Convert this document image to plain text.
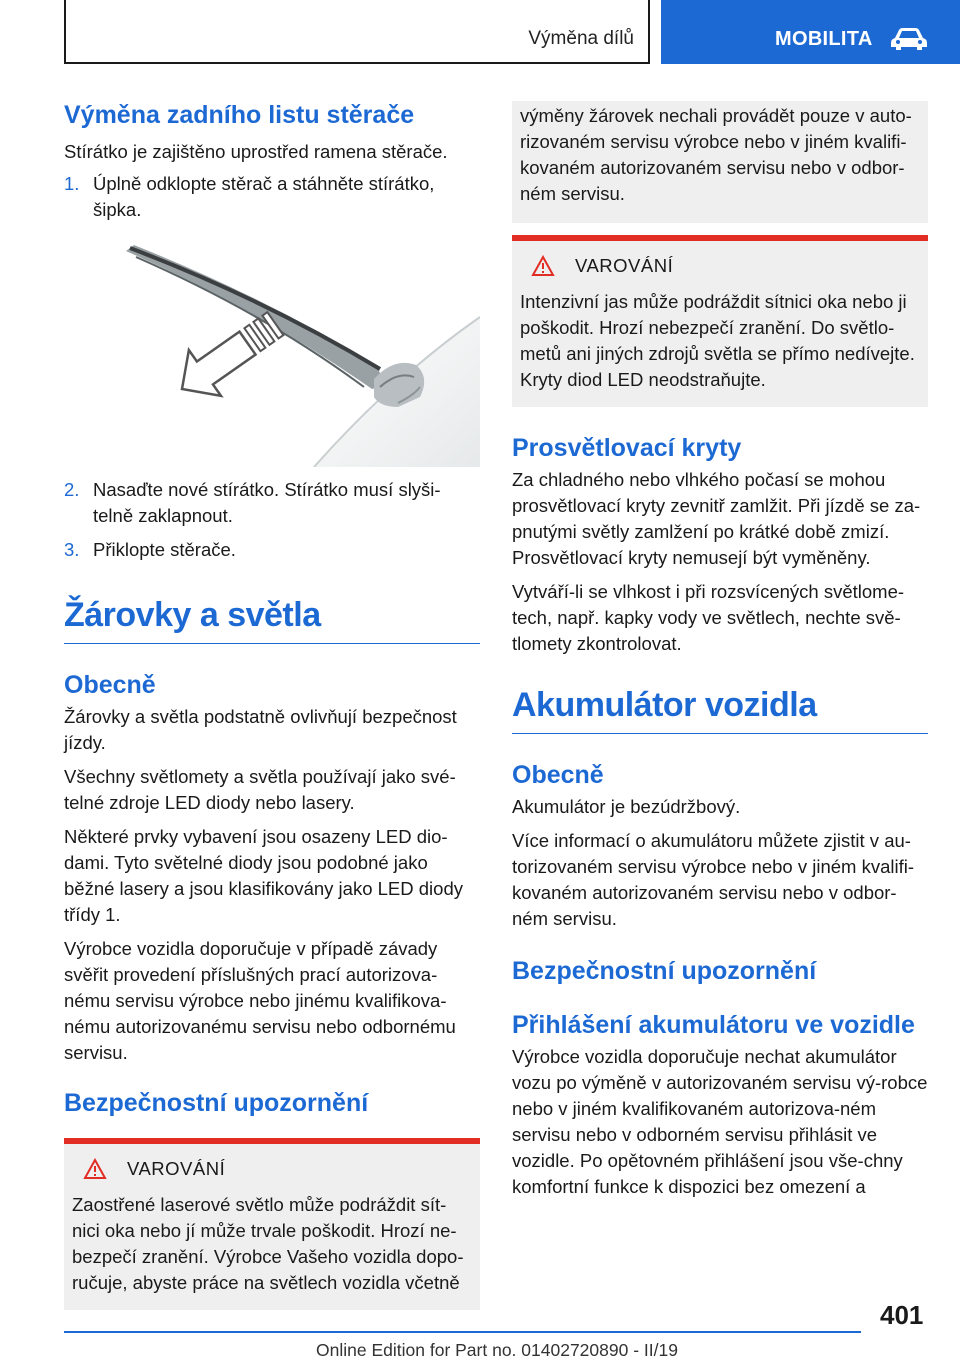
Výměna dílů	MOBILITA
Výměna zadního listu stěrače
Stírátko je zajištěno uprostřed ramena stěrače.
1. Úplně odklopte stěrač a stáhněte stírátko, šipka.
2. Nasaďte nové stírátko. Stírátko musí slyši-telně zaklapnout.
3. Přiklopte stěrače.
Žárovky a světla
Obecně
Žárovky a světla podstatně ovlivňují bezpečnost jízdy.
Všechny světlomety a světla používají jako své-telné zdroje LED diody nebo lasery.
Některé prvky vybavení jsou osazeny LED dio-dami. Tyto světelné diody jsou podobné jako běžné lasery a jsou klasifikovány jako LED diody třídy 1.
Výrobce vozidla doporučuje v případě závady svěřit provedení příslušných prací autorizova-nému servisu výrobce nebo jinému kvalifikova-nému autorizovanému servisu nebo odbornému servisu.
Bezpečnostní upozornění
VAROVÁNÍ
Zaostřené laserové světlo může podráždit sít-nici oka nebo jí může trvale poškodit. Hrozí ne-bezpečí zranění. Výrobce Vašeho vozidla dopo-ručuje, abyste práce na světlech vozidla včetně
výměny žárovek nechali provádět pouze v auto-rizovaném servisu výrobce nebo v jiném kvalifi-kovaném autorizovaném servisu nebo v odbor-ném servisu.
VAROVÁNÍ
Intenzivní jas může podráždit sítnici oka nebo ji poškodit. Hrozí nebezpečí zranění. Do světlo-metů ani jiných zdrojů světla se přímo nedívejte. Kryty diod LED neodstraňujte.
Prosvětlovací kryty
Za chladného nebo vlhkého počasí se mohou prosvětlovací kryty zevnitř zamlžit. Při jízdě se za-pnutými světly zamlžení po krátké době zmizí. Prosvětlovací kryty nemusejí být vyměněny.
Vytváří-li se vlhkost i při rozsvícených světlome-tech, např. kapky vody ve světlech, nechte svě-tlomety zkontrolovat.
Akumulátor vozidla
Obecně
Akumulátor je bezúdržbový.
Více informací o akumulátoru můžete zjistit v au-torizovaném servisu výrobce nebo v jiném kvalifi-kovaném autorizovaném servisu nebo v odbor-ném servisu.
Bezpečnostní upozornění
Přihlášení akumulátoru ve vozidle
Výrobce vozidla doporučuje nechat akumulátor vozu po výměně v autorizovaném servisu vý-robce nebo v jiném kvalifikovaném autorizova-ném servisu nebo v odborném servisu přihlásit ve vozidle. Po opětovném přihlášení jsou vše-chny komfortní funkce k dispozici bez omezení a
401
Online Edition for Part no. 01402720890 - II/19
